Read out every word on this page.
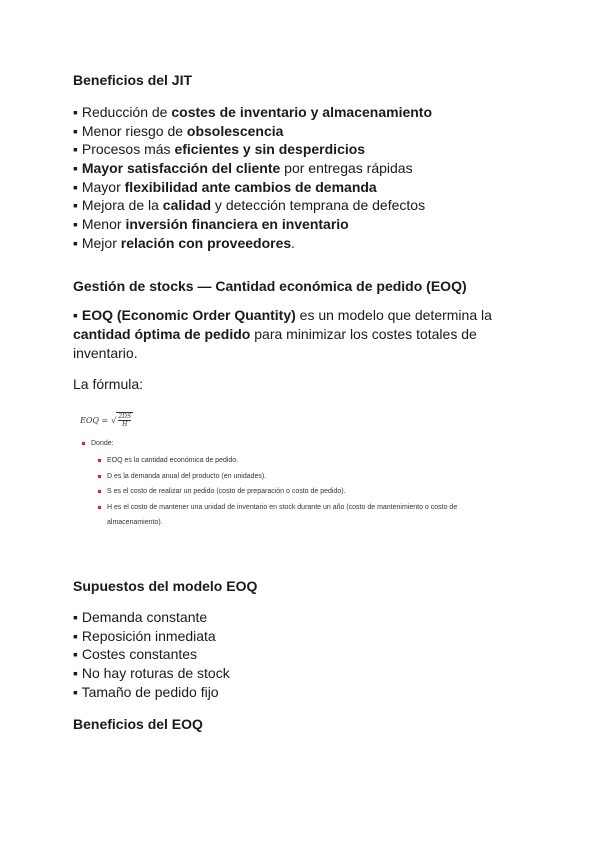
Beneficios del JIT
▪ Reducción de costes de inventario y almacenamiento
▪ Menor riesgo de obsolescencia
▪ Procesos más eficientes y sin desperdicios
▪ Mayor satisfacción del cliente por entregas rápidas
▪ Mayor flexibilidad ante cambios de demanda
▪ Mejora de la calidad y detección temprana de defectos
▪ Menor inversión financiera en inventario
▪ Mejor relación con proveedores.
Gestión de stocks — Cantidad económica de pedido (EOQ)

▪ EOQ (Economic Order Quantity) es un modelo que determina la cantidad óptima de pedido para minimizar los costes totales de inventario.

La fórmula:

EOQ = √ $\frac{2DS}{H}$
Donde:
EOQ es la cantidad económica de pedido.
D es la demanda anual del producto (en unidades).
S es el costo de realizar un pedido (costo de preparación o costo de pedido).
H es el costo de mantener una unidad de inventario en stock durante un año (costo de mantenimiento o costo de
almacenamiento).
Supuestos del modelo EOQ
▪ Demanda constante
▪ Reposición inmediata
▪ Costes constantes
▪ No hay roturas de stock
▪ Tamaño de pedido fijo
Beneficios del EOQ
